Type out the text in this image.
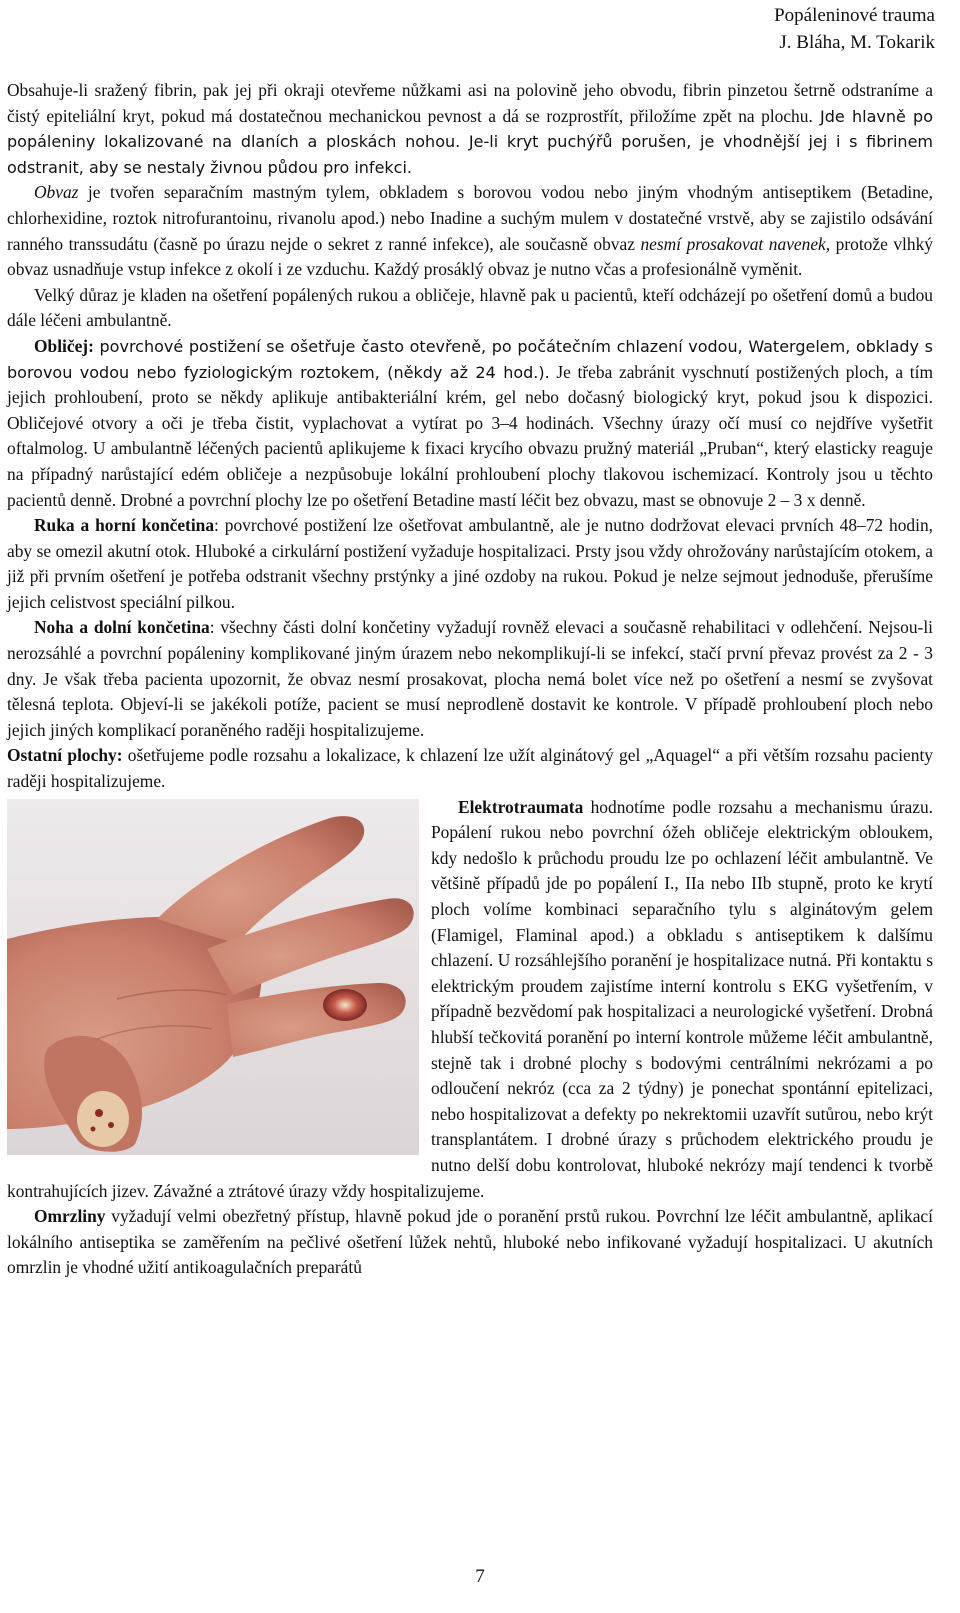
Popáleninové trauma
J. Bláha, M. Tokarik

Obsahuje-li sražený fibrin, pak jej při okraji otevřeme nůžkami asi na polovině jeho obvodu, fibrin pinzetou šetrně odstraníme a čistý epiteliální kryt, pokud má dostatečnou mechanickou pevnost a dá se rozprostřít, přiložíme zpět na plochu. Jde hlavně po popáleniny lokalizované na dlaních a ploskách nohou. Je-li kryt puchýřů porušen, je vhodnější jej i s fibrinem odstranit, aby se nestaly živnou půdou pro infekci.

Obvaz je tvořen separačním mastným tylem, obkladem s borovou vodou nebo jiným vhodným antiseptikem (Betadine, chlorhexidine, roztok nitrofurantoinu, rivanolu apod.) nebo Inadine a suchým mulem v dostatečné vrstvě, aby se zajistilo odsávání ranného transsudátu (časně po úrazu nejde o sekret z ranné infekce), ale současně obvaz nesmí prosakovat navenek, protože vlhký obvaz usnadňuje vstup infekce z okolí i ze vzduchu. Každý prosáklý obvaz je nutno včas a profesionálně vyměnit.

Velký důraz je kladen na ošetření popálených rukou a obličeje, hlavně pak u pacientů, kteří odcházejí po ošetření domů a budou dále léčeni ambulantně.

Obličej: povrchové postižení se ošetřuje často otevřeně, po počátečním chlazení vodou, Watergelem, obklady s borovou vodou nebo fyziologickým roztokem, (někdy až 24 hod.). Je třeba zabránit vyschnutí postižených ploch, a tím jejich prohloubení, proto se někdy aplikuje antibakteriální krém, gel nebo dočasný biologický kryt, pokud jsou k dispozici. Obličejové otvory a oči je třeba čistit, vyplachovat a vytírat po 3–4 hodinách. Všechny úrazy očí musí co nejdříve vyšetřit oftalmolog. U ambulantně léčených pacientů aplikujeme k fixaci krycího obvazu pružný materiál „Pruban“, který elasticky reaguje na případný narůstající edém obličeje a nezpůsobuje lokální prohloubení plochy tlakovou ischemizací. Kontroly jsou u těchto pacientů denně. Drobné a povrchní plochy lze po ošetření Betadine mastí léčit bez obvazu, mast se obnovuje 2 – 3 x denně.

Ruka a horní končetina: povrchové postižení lze ošetřovat ambulantně, ale je nutno dodržovat elevaci prvních 48–72 hodin, aby se omezil akutní otok. Hluboké a cirkulární postižení vyžaduje hospitalizaci. Prsty jsou vždy ohrožovány narůstajícím otokem, a již při prvním ošetření je potřeba odstranit všechny prstýnky a jiné ozdoby na rukou. Pokud je nelze sejmout jednoduše, přerušíme jejich celistvost speciální pilkou.

Noha a dolní končetina: všechny části dolní končetiny vyžadují rovněž elevaci a současně rehabilitaci v odlehčení. Nejsou-li nerozsáhlé a povrchní popáleniny komplikované jiným úrazem nebo nekomplikují-li se infekcí, stačí první převaz provést za 2 - 3 dny. Je však třeba pacienta upozornit, že obvaz nesmí prosakovat, plocha nemá bolet více než po ošetření a nesmí se zvyšovat tělesná teplota. Objeví-li se jakékoli potíže, pacient se musí neprodleně dostavit ke kontrole. V případě prohloubení ploch nebo jejich jiných komplikací poraněného raději hospitalizujeme.

Ostatní plochy: ošetřujeme podle rozsahu a lokalizace, k chlazení lze užít alginátový gel „Aquagel“ a při větším rozsahu pacienty raději hospitalizujeme.

Elektrotraumata hodnotíme podle rozsahu a mechanismu úrazu. Popálení rukou nebo povrchní óžeh obličeje elektrickým obloukem, kdy nedošlo k průchodu proudu lze po ochlazení léčit ambulantně. Ve většině případů jde po popálení I., IIa nebo IIb stupně, proto ke krytí ploch volíme kombinaci separačního tylu s alginátovým gelem (Flamigel, Flaminal apod.) a obkladu s antiseptikem k dalšímu chlazení. U rozsáhlejšího poranění je hospitalizace nutná. Při kontaktu s elektrickým proudem zajistíme interní kontrolu s EKG vyšetřením, v případně bezvědomí pak hospitalizaci a neurologické vyšetření. Drobná hlubší tečkovitá poranění po interní kontrole můžeme léčit ambulantně, stejně tak i drobné plochy s bodovými centrálními nekrózami a po odloučení nekróz (cca za 2 týdny) je ponechat spontánní epitelizaci, nebo hospitalizovat a defekty po nekrektomii uzavřít sutůrou, nebo krýt transplantátem. I drobné úrazy s průchodem elektrického proudu je nutno delší dobu kontrolovat, hluboké nekrózy mají tendenci k tvorbě kontrahujících jizev. Závažné a ztrátové úrazy vždy hospitalizujeme.

Omrzliny vyžadují velmi obezřetný přístup, hlavně pokud jde o poranění prstů rukou. Povrchní lze léčit ambulantně, aplikací lokálního antiseptika se zaměřením na pečlivé ošetření lůžek nehtů, hluboké nebo infikované vyžadují hospitalizaci. U akutních omrzlin je vhodné užití antikoagulačních preparátů

7
